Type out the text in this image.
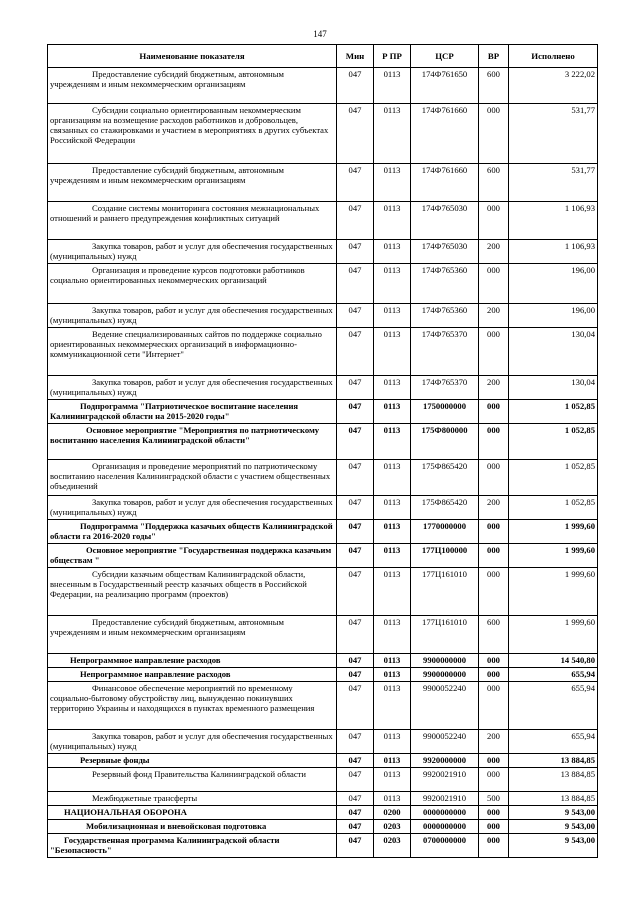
147
Наименование показателя	Мин	Р ПР	ЦСР	ВР	Исполнено
Предоставление субсидий бюджетным, автономным учреждениям и иным некоммерческим организациям	047	0113	174Ф761650	600	3 222,02
Субсидии социально ориентированным некоммерческим организациям на возмещение расходов работников и добровольцев, связанных со стажировками и участием в мероприятиях в других субъектах Российской Федерации	047	0113	174Ф761660	000	531,77
Предоставление субсидий бюджетным, автономным учреждениям и иным некоммерческим организациям	047	0113	174Ф761660	600	531,77
Создание системы мониторинга состояния межнациональных отношений и раннего предупреждения конфликтных ситуаций	047	0113	174Ф765030	000	1 106,93
Закупка товаров, работ и услуг для обеспечения государственных (муниципальных) нужд	047	0113	174Ф765030	200	1 106,93
Организация и проведение курсов подготовки работников социально ориентированных некоммерческих организаций	047	0113	174Ф765360	000	196,00
Закупка товаров, работ и услуг для обеспечения государственных (муниципальных) нужд	047	0113	174Ф765360	200	196,00
Ведение специализированных сайтов по поддержке социально ориентированных некоммерческих организаций в информационно-коммуникационной сети "Интернет"	047	0113	174Ф765370	000	130,04
Закупка товаров, работ и услуг для обеспечения государственных (муниципальных) нужд	047	0113	174Ф765370	200	130,04
Подпрограмма "Патриотическое воспитание населения Калининградской области на 2015-2020 годы"	047	0113	1750000000	000	1 052,85
Основное мероприятие "Мероприятия по патриотическому воспитанию населения Калининградской области"	047	0113	175Ф800000	000	1 052,85
Организация и проведение мероприятий по патриотическому воспитанию населения Калининградской области с участием общественных объединений	047	0113	175Ф865420	000	1 052,85
Закупка товаров, работ и услуг для обеспечения государственных (муниципальных) нужд	047	0113	175Ф865420	200	1 052,85
Подпрограмма "Поддержка казачьих обществ Калининградской области га 2016-2020 годы"	047	0113	1770000000	000	1 999,60
Основное мероприятие "Государственная поддержка казачьим обществам "	047	0113	177Ц100000	000	1 999,60
Субсидии казачьим обществам Калининградской области, внесенным в Государственный реестр казачьих обществ в Российской Федерации, на реализацию программ (проектов)	047	0113	177Ц161010	000	1 999,60
Предоставление субсидий бюджетным, автономным учреждениям и иным некоммерческим организациям	047	0113	177Ц161010	600	1 999,60
Непрограммное направление расходов	047	0113	9900000000	000	14 540,80
Непрограммное направление расходов	047	0113	9900000000	000	655,94
Финансовое обеспечение мероприятий по временному социально-бытовому обустройству лиц, вынужденно покинувших территорию Украины и находящихся в пунктах временного размещения	047	0113	9900052240	000	655,94
Закупка товаров, работ и услуг для обеспечения государственных (муниципальных) нужд	047	0113	9900052240	200	655,94
Резервные фонды	047	0113	9920000000	000	13 884,85
Резервный фонд Правительства Калининградской области	047	0113	9920021910	000	13 884,85
Межбюджетные трансферты	047	0113	9920021910	500	13 884,85
НАЦИОНАЛЬНАЯ ОБОРОНА	047	0200	0000000000	000	9 543,00
Мобилизационная и вневойсковая подготовка	047	0203	0000000000	000	9 543,00
Государственная программа Калининградской области "Безопасность"	047	0203	0700000000	000	9 543,00
